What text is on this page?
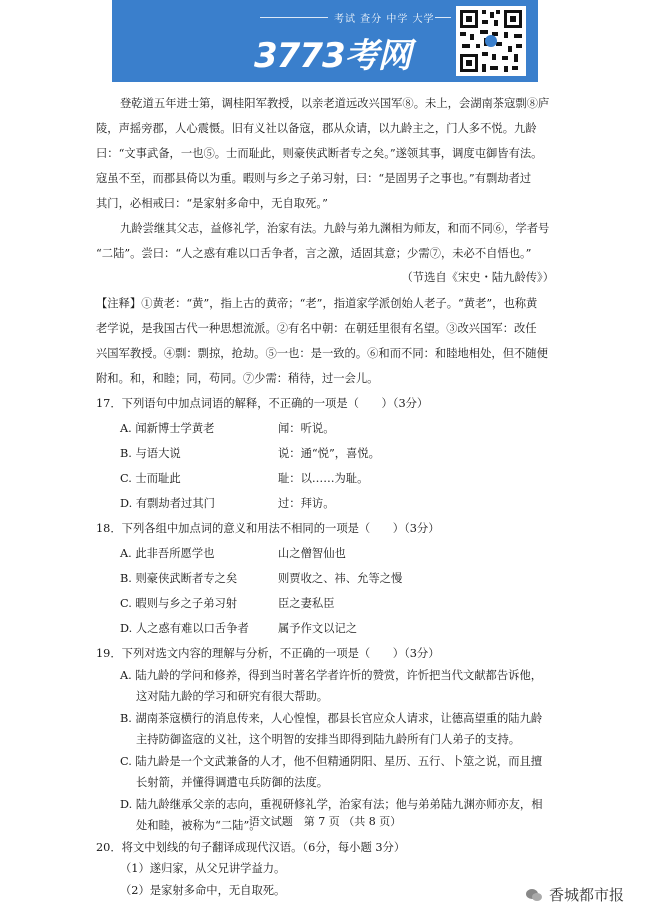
考试 查分 中学 大学
3773考网
登乾道五年进士第，调桂阳军教授，以亲老道远改兴国军⑧。未上，会湖南茶寇剽⑧庐
陵，声摇旁郡，人心震慑。旧有义社以备寇，郡从众请，以九龄主之，门人多不悦。九龄
曰：“文事武备，一也⑤。士而耻此，则豪侠武断者专之矣。”遂领其事，调度屯御皆有法。
寇虽不至，而郡县倚以为重。暇则与乡之子弟习射，曰：“是固男子之事也。”有剽劫者过
其门，必相戒曰：“是家射多命中，无自取死。”
九龄尝继其父志，益修礼学，治家有法。九龄与弟九渊相为师友，和而不同⑥，学者号
“二陆”。尝曰：“人之惑有难以口舌争者，言之激，适固其意；少需⑦，未必不自悟也。”
（节选自《宋史・陆九龄传》）
【注释】①黄老：“黄”，指上古的黄帝；“老”，指道家学派创始人老子。“黄老”，也称黄
老学说，是我国古代一种思想流派。②有名中朝：在朝廷里很有名望。③改兴国军：改任
兴国军教授。④剽：剽掠，抢劫。⑤一也：是一致的。⑥和而不同：和睦地相处，但不随便
附和。和，和睦；同，苟同。⑦少需：稍待，过一会儿。
17．下列语句中加点词语的解释，不正确的一项是（　　）（3分）
A. 闻新博士学黄老	闻：听说。
B. 与语大说	说：通“悦”，喜悦。
C. 士而耻此	耻：以……为耻。
D. 有剽劫者过其门	过：拜访。
18．下列各组中加点词的意义和用法不相同的一项是（　　）（3分）
A. 此非吾所愿学也	山之僧智仙也
B. 则豪侠武断者专之矣	则贾收之、祎、允等之慢
C. 暇则与乡之子弟习射	臣之妻私臣
D. 人之惑有难以口舌争者	属予作文以记之
19．下列对选文内容的理解与分析，不正确的一项是（　　）（3分）
A. 陆九龄的学问和修养，得到当时著名学者许忻的赞赏，许忻把当代文献都告诉他，
这对陆九龄的学习和研究有很大帮助。
B. 湖南茶寇横行的消息传来，人心惶惶，郡县长官应众人请求，让德高望重的陆九龄
主持防御盗寇的义社，这个明智的安排当即得到陆九龄所有门人弟子的支持。
C. 陆九龄是一个文武兼备的人才，他不但精通阴阳、星历、五行、卜筮之说，而且擅
长射箭，并懂得调遣屯兵防御的法度。
D. 陆九龄继承父亲的志向，重视研修礼学，治家有法；他与弟弟陆九渊亦师亦友，相
处和睦，被称为“二陆”。
20．将文中划线的句子翻译成现代汉语。（6分，每小题 3分）
（1）遂归家，从父兄讲学益力。
（2）是家射多命中，无自取死。
语文试题　第 7 页 （共 8 页）
香城都市报
